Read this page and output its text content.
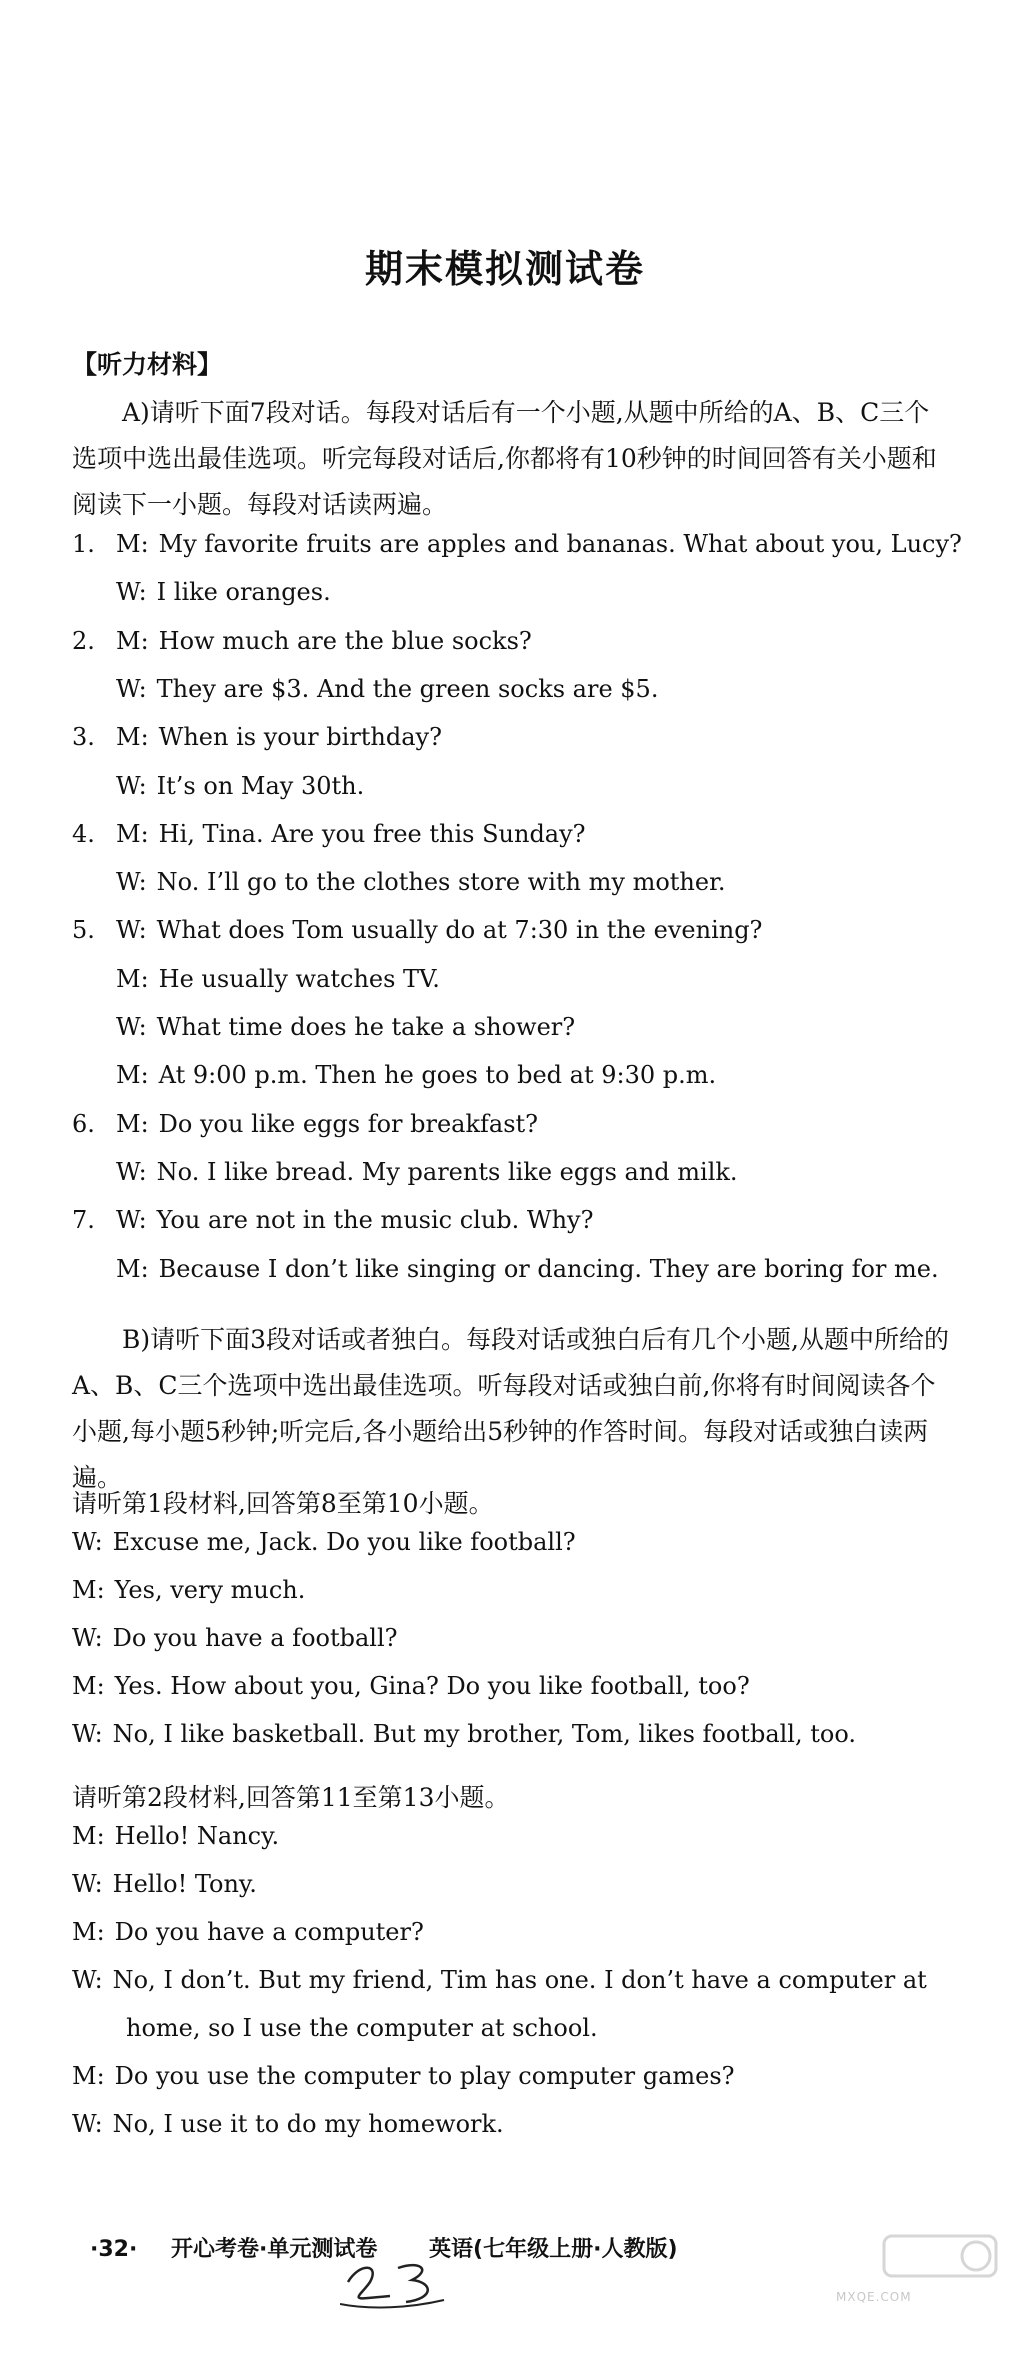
期末模拟测试卷
【听力材料】
A)请听下面7段对话。每段对话后有一个小题,从题中所给的A、B、C三个选项中选出最佳选项。听完每段对话后,你都将有10秒钟的时间回答有关小题和阅读下一小题。每段对话读两遍。
1. M: My favorite fruits are apples and bananas. What about you, Lucy?
W: I like oranges.
2. M: How much are the blue socks?
W: They are $3. And the green socks are $5.
3. M: When is your birthday?
W: It’s on May 30th.
4. M: Hi, Tina. Are you free this Sunday?
W: No. I’ll go to the clothes store with my mother.
5. W: What does Tom usually do at 7:30 in the evening?
M: He usually watches TV.
W: What time does he take a shower?
M: At 9:00 p.m. Then he goes to bed at 9:30 p.m.
6. M: Do you like eggs for breakfast?
W: No. I like bread. My parents like eggs and milk.
7. W: You are not in the music club. Why?
M: Because I don’t like singing or dancing. They are boring for me.
B)请听下面3段对话或者独白。每段对话或独白后有几个小题,从题中所给的A、B、C三个选项中选出最佳选项。听每段对话或独白前,你将有时间阅读各个小题,每小题5秒钟;听完后,各小题给出5秒钟的作答时间。每段对话或独白读两遍。
请听第1段材料,回答第8至第10小题。
W: Excuse me, Jack. Do you like football?
M: Yes, very much.
W: Do you have a football?
M: Yes. How about you, Gina? Do you like football, too?
W: No, I like basketball. But my brother, Tom, likes football, too.
请听第2段材料,回答第11至第13小题。
M: Hello! Nancy.
W: Hello! Tony.
M: Do you have a computer?
W: No, I don’t. But my friend, Tim has one. I don’t have a computer at
home, so I use the computer at school.
M: Do you use the computer to play computer games?
W: No, I use it to do my homework.
·32· 开心考卷·单元测试卷 英语(七年级上册·人教版)
MXQE.COM
